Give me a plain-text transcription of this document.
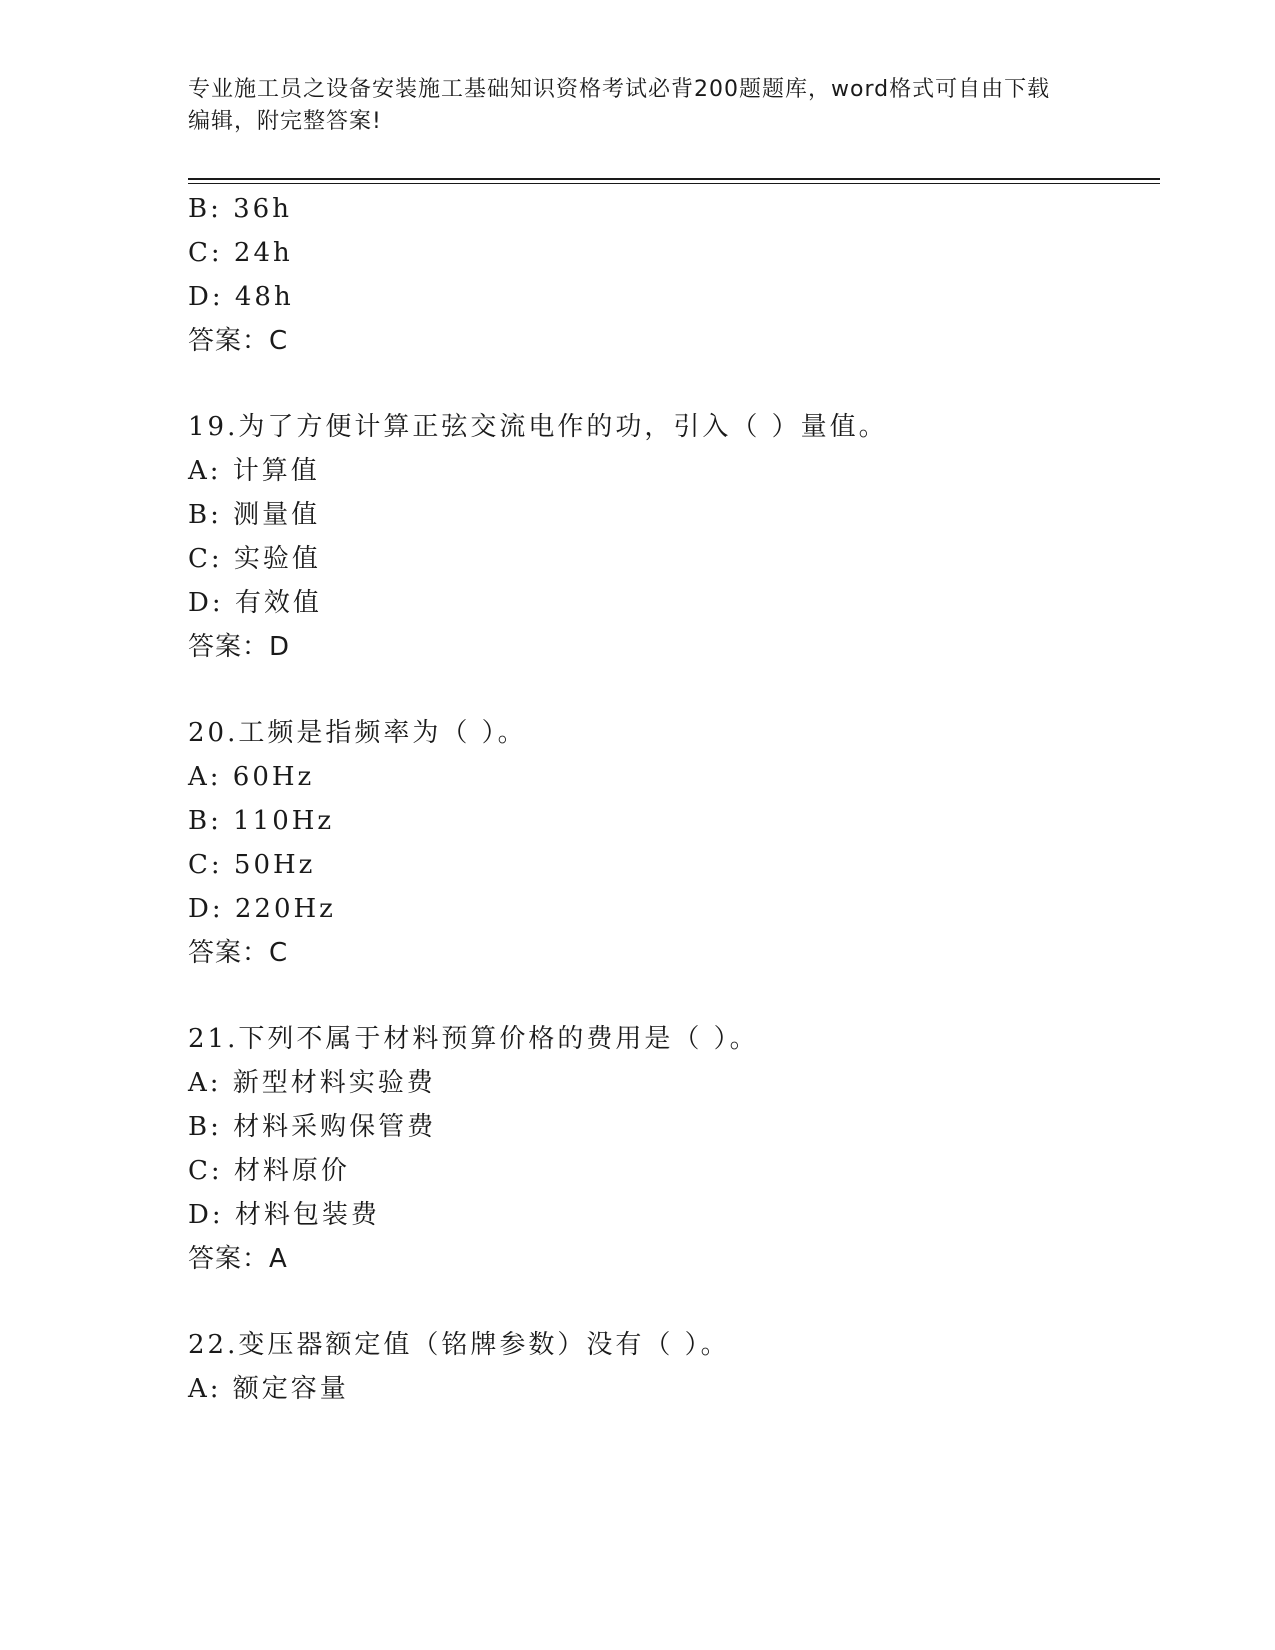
专业施工员之设备安装施工基础知识资格考试必背200题题库，word格式可自由下载编辑，附完整答案!

B: 36h
C: 24h
D: 48h
答案：C
19.为了方便计算正弦交流电作的功，引入（ ）量值。
A: 计算值
B: 测量值
C: 实验值
D: 有效值
答案：D
20.工频是指频率为（ ）。
A: 60Hz
B: 110Hz
C: 50Hz
D: 220Hz
答案：C
21.下列不属于材料预算价格的费用是（ ）。
A: 新型材料实验费
B: 材料采购保管费
C: 材料原价
D: 材料包装费
答案：A
22.变压器额定值（铭牌参数）没有（ ）。
A: 额定容量
